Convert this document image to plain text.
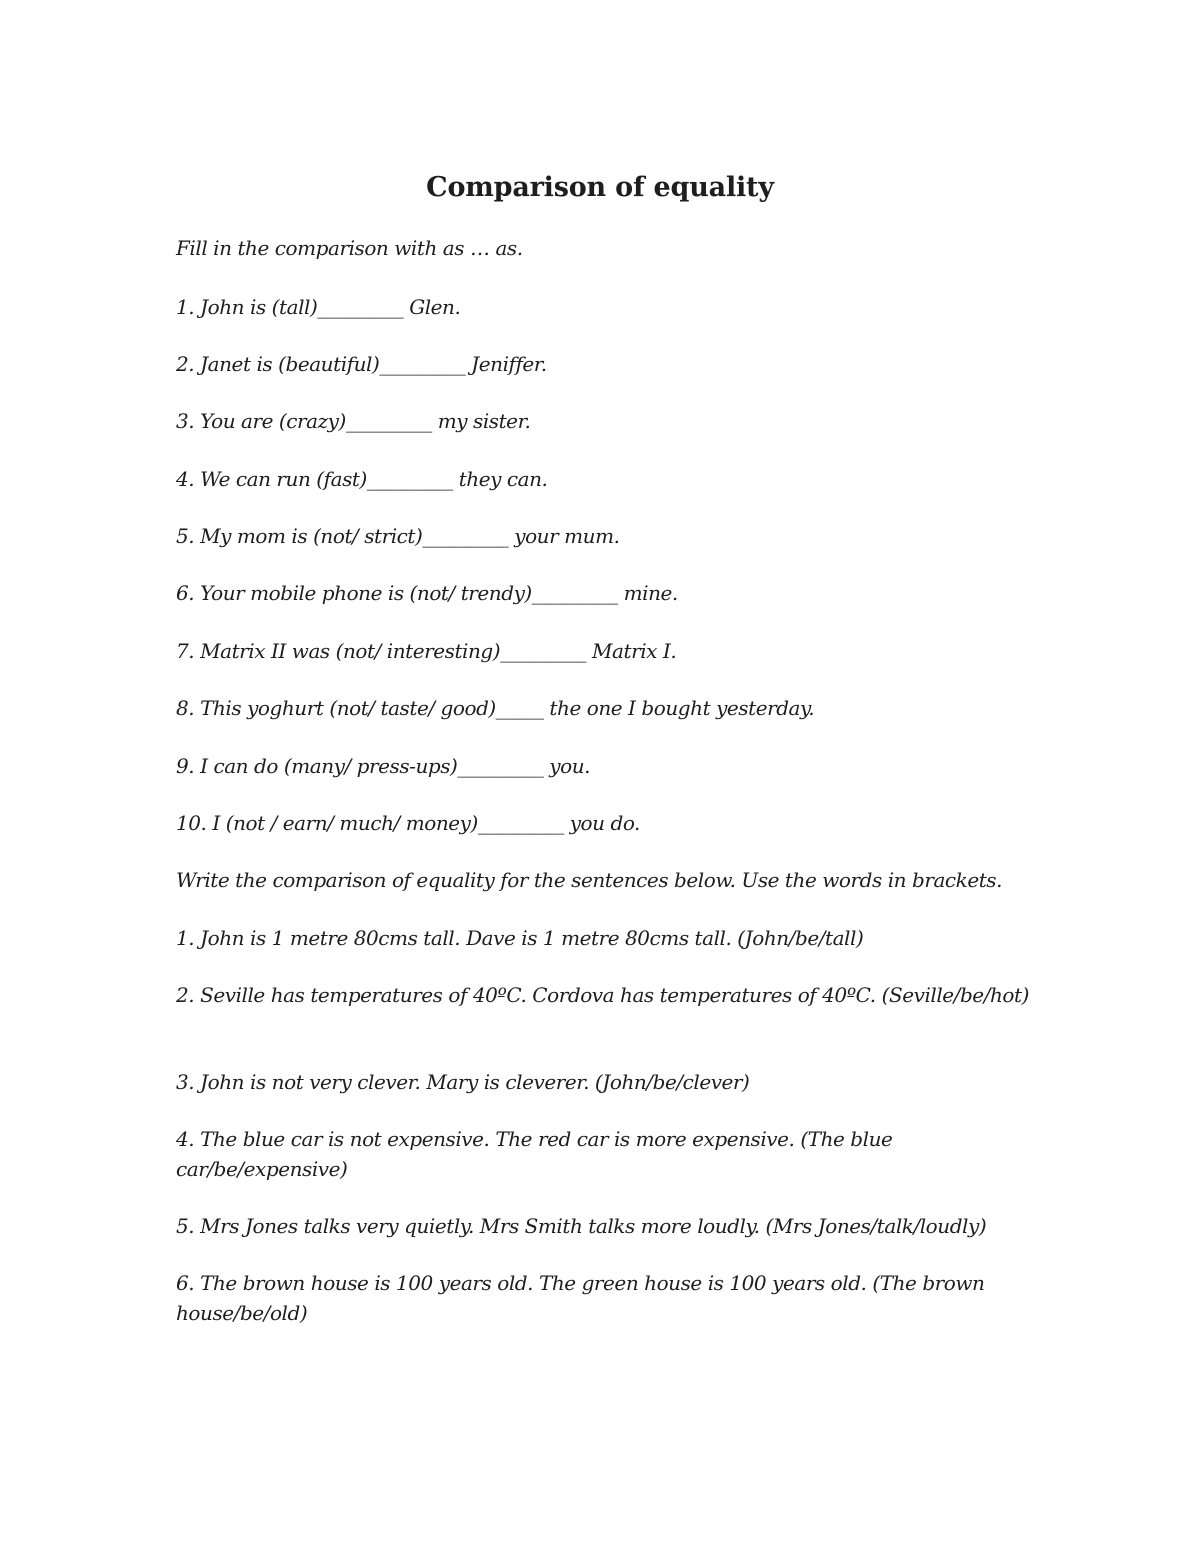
Comparison of equality

Fill in the comparison with as … as.

1. John is (tall)_________ Glen.

2. Janet is (beautiful)_________ Jeniffer.

3. You are (crazy)_________ my sister.

4. We can run (fast)_________ they can.

5. My mom is (not/ strict)_________ your mum.

6. Your mobile phone is (not/ trendy)_________ mine.

7. Matrix II was (not/ interesting)_________ Matrix I.

8. This yoghurt (not/ taste/ good)_____ the one I bought yesterday.

9. I can do (many/ press-ups)_________ you.

10. I (not / earn/ much/ money)_________ you do.

Write the comparison of equality for the sentences below. Use the words in brackets.

1. John is 1 metre 80cms tall. Dave is 1 metre 80cms tall. (John/be/tall)

2. Seville has temperatures of 40ºC. Cordova has temperatures of 40ºC. (Seville/be/hot)

3. John is not very clever. Mary is cleverer. (John/be/clever)

4. The blue car is not expensive. The red car is more expensive. (The blue car/be/expensive)

5. Mrs Jones talks very quietly. Mrs Smith talks more loudly. (Mrs Jones/talk/loudly)

6. The brown house is 100 years old. The green house is 100 years old. (The brown house/be/old)
